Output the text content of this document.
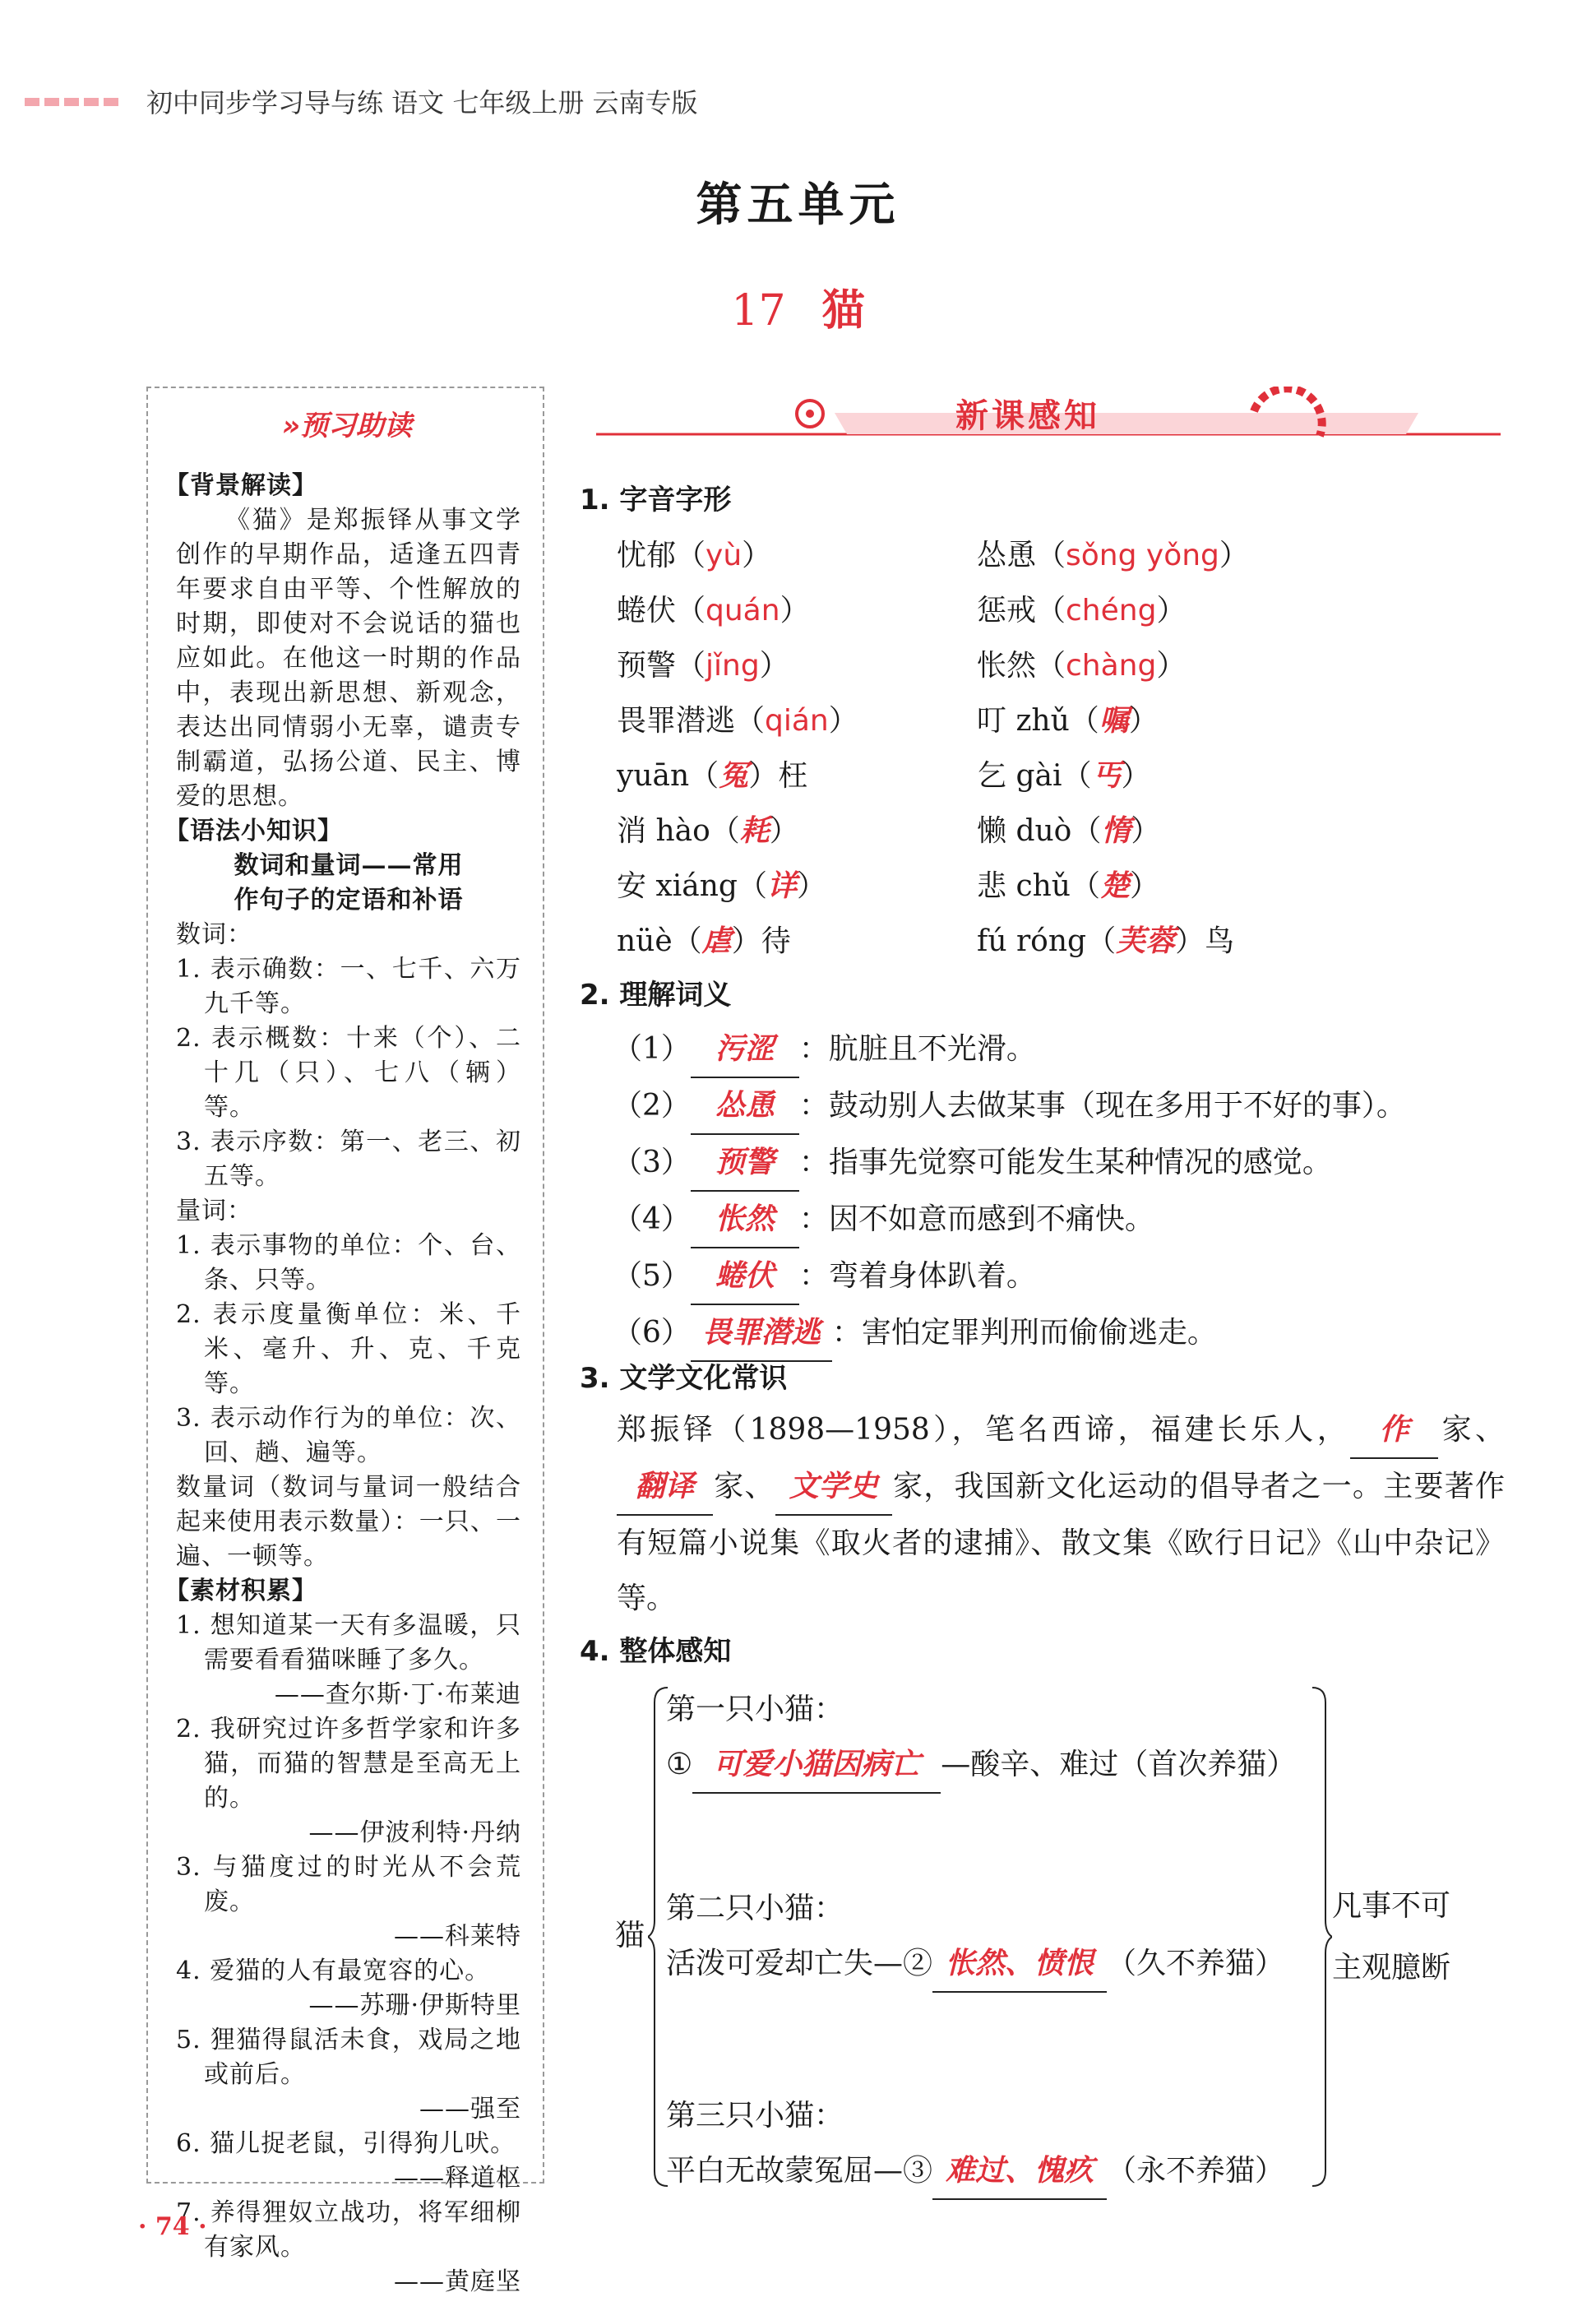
初中同步学习导与练 语文 七年级上册 云南专版
第五单元
17 猫
»预习助读
【背景解读】
《猫》是郑振铎从事文学创作的早期作品，适逢五四青年要求自由平等、个性解放的时期，即使对不会说话的猫也应如此。在他这一时期的作品中，表现出新思想、新观念，表达出同情弱小无辜，谴责专制霸道，弘扬公道、民主、博爱的思想。
【语法小知识】
数词和量词——常用
作句子的定语和补语
数词：
1. 表示确数：一、七千、六万九千等。
2. 表示概数：十来（个）、二十几（只）、七八（辆）等。
3. 表示序数：第一、老三、初五等。
量词：
1. 表示事物的单位：个、台、条、只等。
2. 表示度量衡单位：米、千米、毫升、升、克、千克等。
3. 表示动作行为的单位：次、回、趟、遍等。
数量词（数词与量词一般结合起来使用表示数量）：一只、一遍、一顿等。
【素材积累】
1. 想知道某一天有多温暖，只需要看看猫咪睡了多久。
——查尔斯·丁·布莱迪
2. 我研究过许多哲学家和许多猫，而猫的智慧是至高无上的。
——伊波利特·丹纳
3. 与猫度过的时光从不会荒废。
——科莱特
4. 爱猫的人有最宽容的心。
——苏珊·伊斯特里
5. 狸猫得鼠活未食，戏局之地或前后。
——强至
6. 猫儿捉老鼠，引得狗儿吠。
——释道枢
7. 养得狸奴立战功，将军细柳有家风。
——黄庭坚
新课感知
1. 字音字形
忧郁（yù）
蜷伏（quán）
预警（jǐng）
畏罪潜逃（qián）
yuān（冤）枉
消 hào（耗）
安 xiáng（详）
nüè（虐）待
怂恿（sǒng yǒng）
惩戒（chéng）
怅然（chàng）
叮 zhǔ（嘱）
乞 gài（丐）
懒 duò（惰）
悲 chǔ（楚）
fú róng（芙蓉）鸟
2. 理解词义
（1） 污涩 ：肮脏且不光滑。
（2） 怂恿 ：鼓动别人去做某事（现在多用于不好的事）。
（3） 预警 ：指事先觉察可能发生某种情况的感觉。
（4） 怅然 ：因不如意而感到不痛快。
（5） 蜷伏 ：弯着身体趴着。
（6） 畏罪潜逃 ：害怕定罪判刑而偷偷逃走。
3. 文学文化常识
郑振铎（1898—1958），笔名西谛，福建长乐人， 作 家、翻译 家、 文学史 家，我国新文化运动的倡导者之一。主要著作有短篇小说集《取火者的逮捕》、散文集《欧行日记》《山中杂记》等。
4. 整体感知
猫
第一只小猫：
① 可爱小猫因病亡 —酸辛、难过（首次养猫）
第二只小猫：
活泼可爱却亡失—② 怅然、愤恨 （久不养猫）
第三只小猫：
平白无故蒙冤屈—③ 难过、愧疚 （永不养猫）
凡事不可
主观臆断
· 74 ·
